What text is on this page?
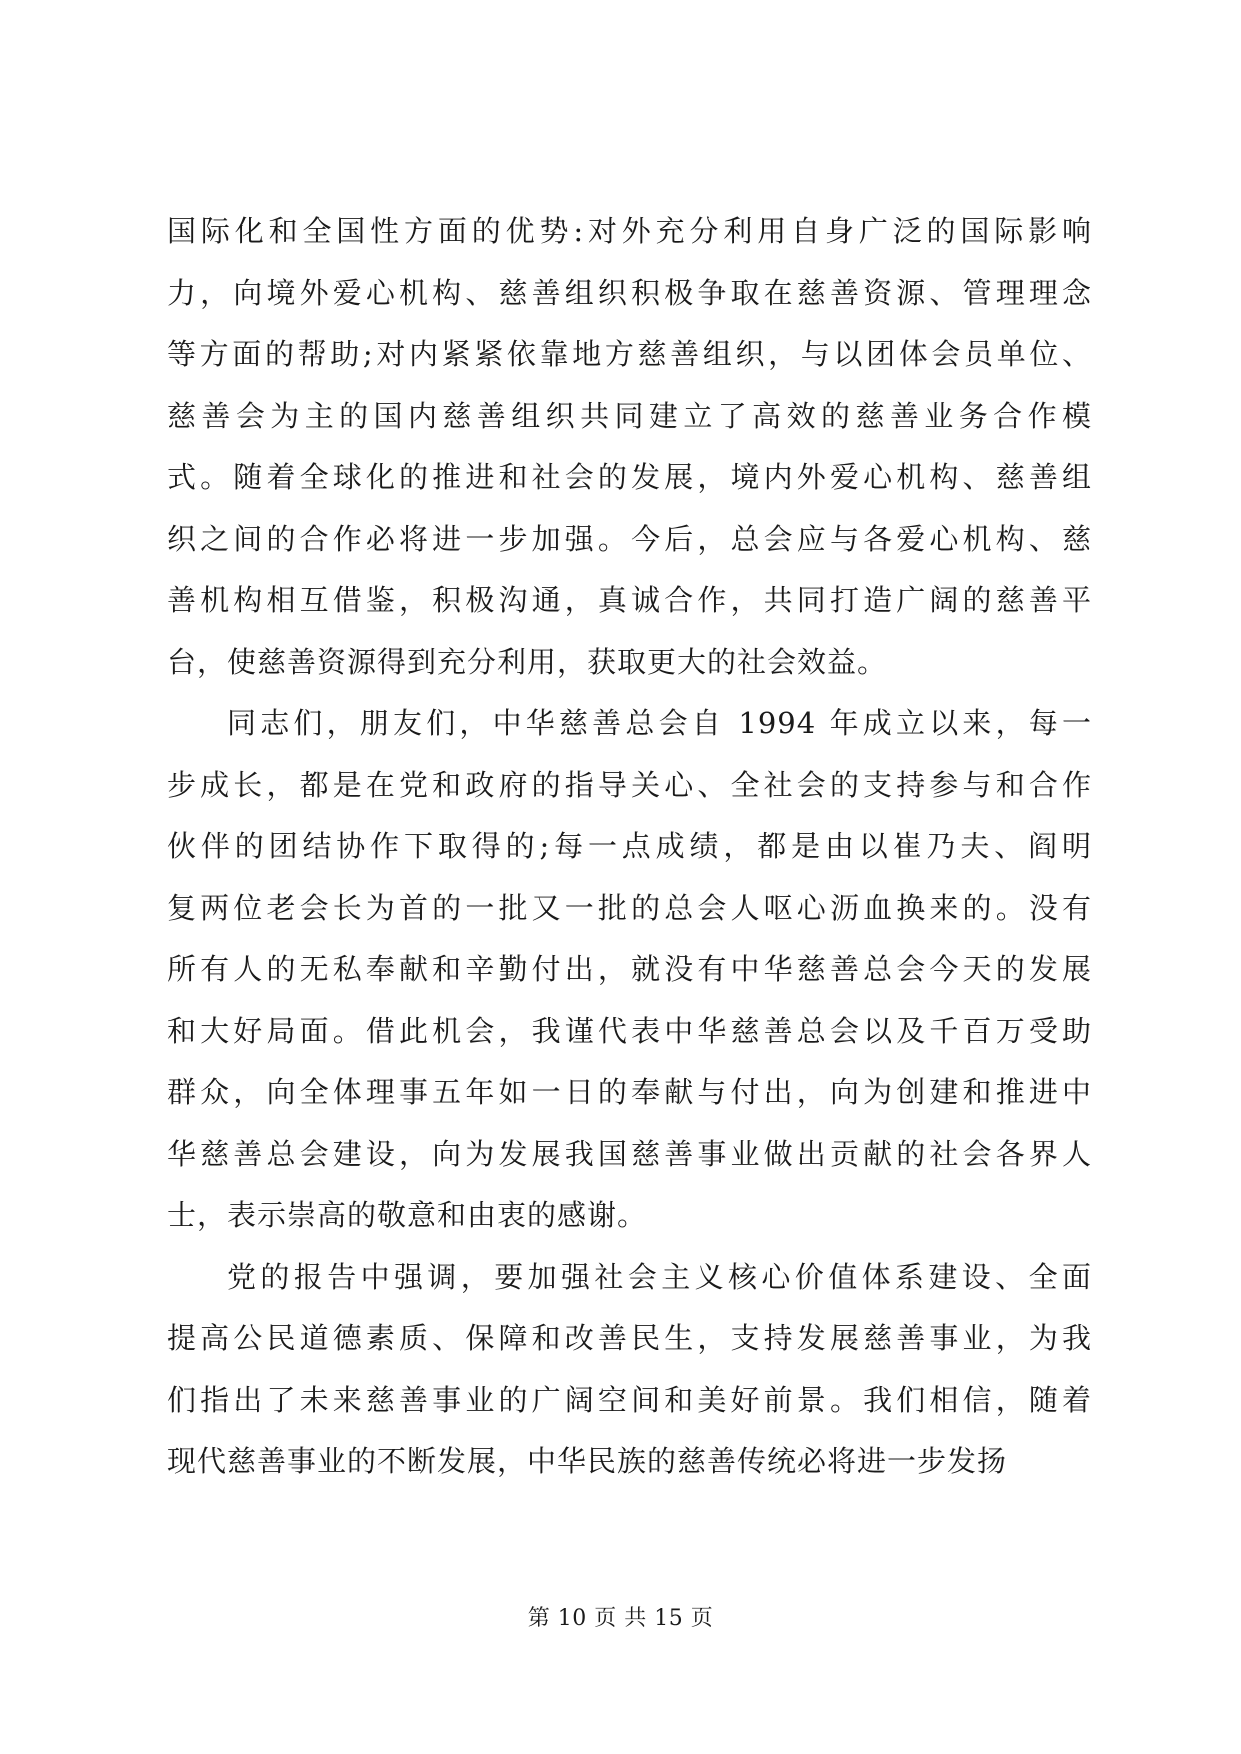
国际化和全国性方面的优势:对外充分利用自身广泛的国际影响
力，向境外爱心机构、慈善组织积极争取在慈善资源、管理理念
等方面的帮助;对内紧紧依靠地方慈善组织，与以团体会员单位、
慈善会为主的国内慈善组织共同建立了高效的慈善业务合作模
式。随着全球化的推进和社会的发展，境内外爱心机构、慈善组
织之间的合作必将进一步加强。今后，总会应与各爱心机构、慈
善机构相互借鉴，积极沟通，真诚合作，共同打造广阔的慈善平
台，使慈善资源得到充分利用，获取更大的社会效益。
同志们，朋友们，中华慈善总会自 1994 年成立以来，每一
步成长，都是在党和政府的指导关心、全社会的支持参与和合作
伙伴的团结协作下取得的;每一点成绩，都是由以崔乃夫、阎明
复两位老会长为首的一批又一批的总会人呕心沥血换来的。没有
所有人的无私奉献和辛勤付出，就没有中华慈善总会今天的发展
和大好局面。借此机会，我谨代表中华慈善总会以及千百万受助
群众，向全体理事五年如一日的奉献与付出，向为创建和推进中
华慈善总会建设，向为发展我国慈善事业做出贡献的社会各界人
士，表示崇高的敬意和由衷的感谢。
党的报告中强调，要加强社会主义核心价值体系建设、全面
提高公民道德素质、保障和改善民生，支持发展慈善事业，为我
们指出了未来慈善事业的广阔空间和美好前景。我们相信，随着
现代慈善事业的不断发展，中华民族的慈善传统必将进一步发扬
第 10 页 共 15 页
